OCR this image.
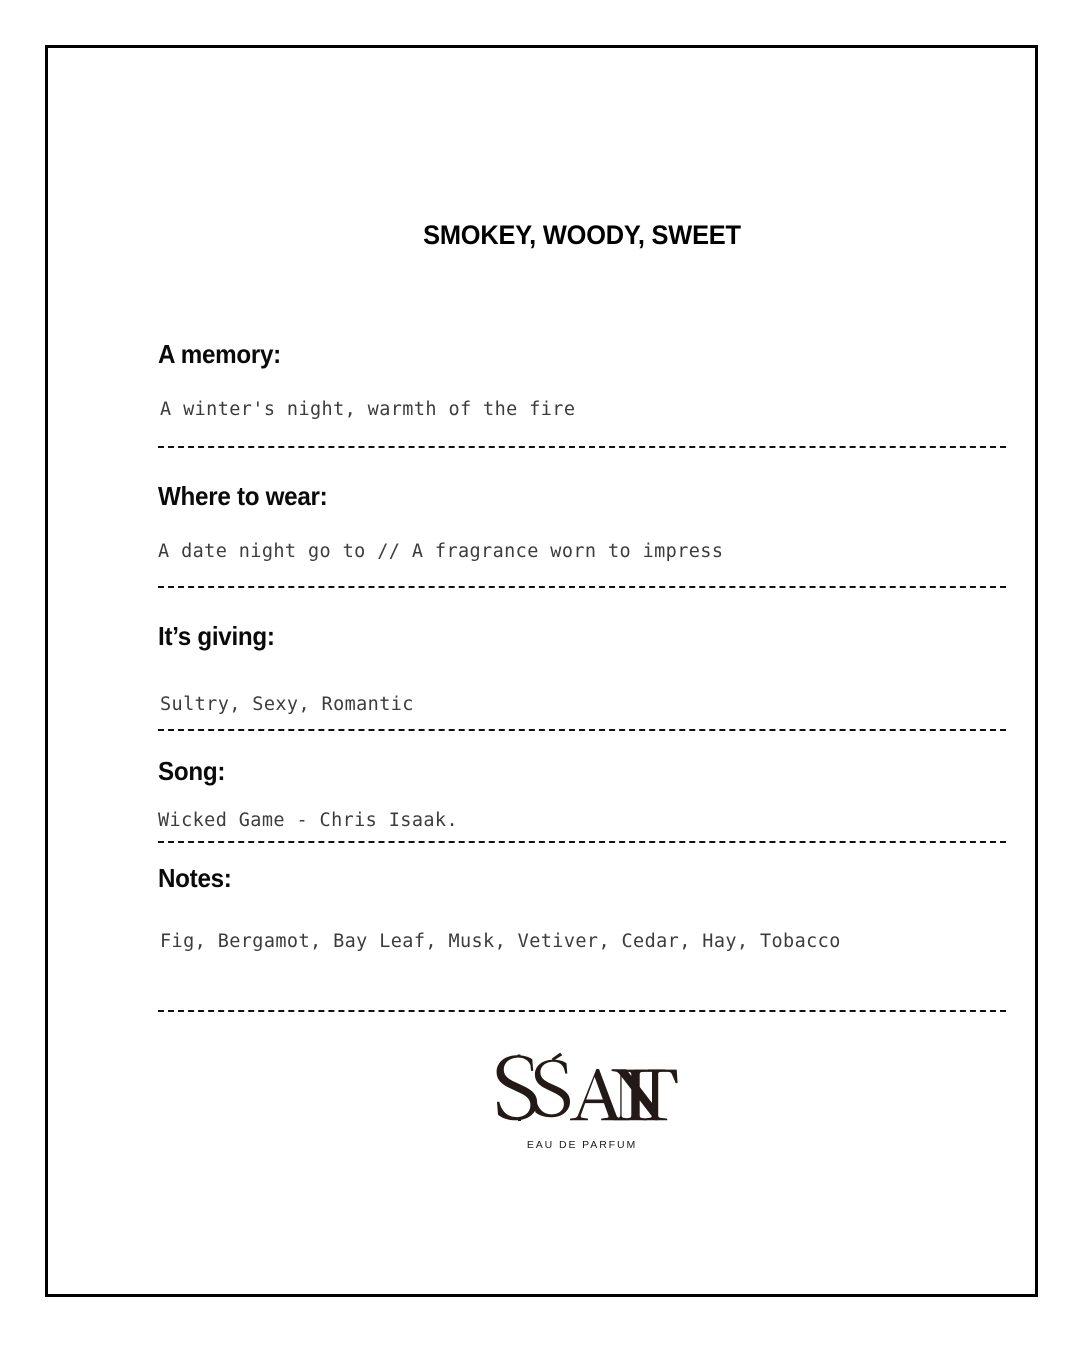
SMOKEY, WOODY, SWEET
A memory:
A winter's night, warmth of the fire
Where to wear:
A date night go to // A fragrance worn to impress
It’s giving:
Sultry, Sexy, Romantic
Song:
Wicked Game - Chris Isaak.
Notes:
Fig, Bergamot, Bay Leaf, Musk, Vetiver, Cedar, Hay, Tobacco
EAU DE PARFUM
